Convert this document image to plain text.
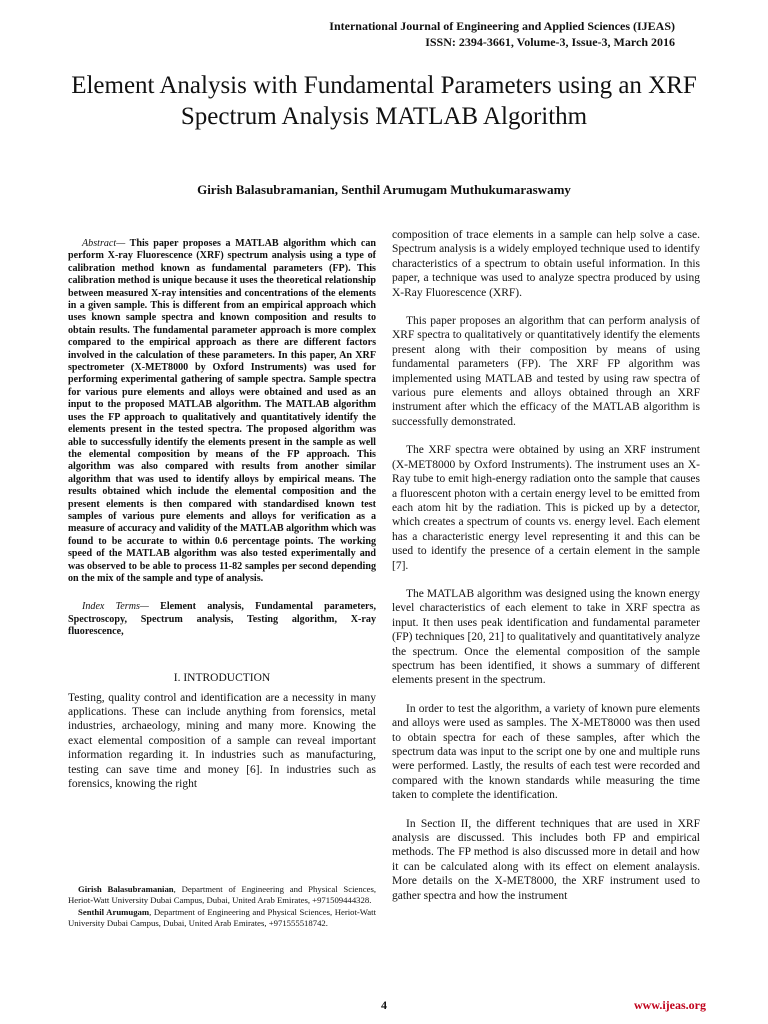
International Journal of Engineering and Applied Sciences (IJEAS)
ISSN: 2394-3661, Volume-3, Issue-3, March 2016
Element Analysis with Fundamental Parameters using an XRF Spectrum Analysis MATLAB Algorithm
Girish Balasubramanian, Senthil Arumugam Muthukumaraswamy

Abstract— This paper proposes a MATLAB algorithm which can perform X-ray Fluorescence (XRF) spectrum analysis using a type of calibration method known as fundamental parameters (FP). This calibration method is unique because it uses the theoretical relationship between measured X-ray intensities and concentrations of the elements in a given sample. This is different from an empirical approach which uses known sample spectra and known composition and results to obtain results. The fundamental parameter approach is more complex compared to the empirical approach as there are different factors involved in the calculation of these parameters. In this paper, An XRF spectrometer (X-MET8000 by Oxford Instruments) was used for performing experimental gathering of sample spectra. Sample spectra for various pure elements and alloys were obtained and used as an input to the proposed MATLAB algorithm. The MATLAB algorithm uses the FP approach to qualitatively and quantitatively identify the elements present in the tested spectra. The proposed algorithm was able to successfully identify the elements present in the sample as well the elemental composition by means of the FP approach. This algorithm was also compared with results from another similar algorithm that was used to identify alloys by empirical means. The results obtained which include the elemental composition and the present elements is then compared with standardised known test samples of various pure elements and alloys for verification as a measure of accuracy and validity of the MATLAB algorithm which was found to be accurate to within 0.6 percentage points. The working speed of the MATLAB algorithm was also tested experimentally and was observed to be able to process 11-82 samples per second depending on the mix of the sample and type of analysis.

Index Terms— Element analysis, Fundamental parameters, Spectroscopy, Spectrum analysis, Testing algorithm, X-ray fluorescence,

I. INTRODUCTION

Testing, quality control and identification are a necessity in many applications. These can include anything from forensics, metal industries, archaeology, mining and many more. Knowing the exact elemental composition of a sample can reveal important information regarding it. In industries such as manufacturing, testing can save time and money [6]. In industries such as forensics, knowing the right

Girish Balasubramanian, Department of Engineering and Physical Sciences, Heriot-Watt University Dubai Campus, Dubai, United Arab Emirates, +971509444328.

Senthil Arumugam, Department of Engineering and Physical Sciences, Heriot-Watt University Dubai Campus, Dubai, United Arab Emirates, +971555518742.

composition of trace elements in a sample can help solve a case. Spectrum analysis is a widely employed technique used to identify characteristics of a spectrum to obtain useful information. In this paper, a technique was used to analyze spectra produced by using X-Ray Fluorescence (XRF).

This paper proposes an algorithm that can perform analysis of XRF spectra to qualitatively or quantitatively identify the elements present along with their composition by means of using fundamental parameters (FP). The XRF FP algorithm was implemented using MATLAB and tested by using raw spectra of various pure elements and alloys obtained through an XRF instrument after which the efficacy of the MATLAB algorithm is successfully demonstrated.

The XRF spectra were obtained by using an XRF instrument (X-MET8000 by Oxford Instruments). The instrument uses an X-Ray tube to emit high-energy radiation onto the sample that causes a fluorescent photon with a certain energy level to be emitted from each atom hit by the radiation. This is picked up by a detector, which creates a spectrum of counts vs. energy level. Each element has a characteristic energy level representing it and this can be used to identify the presence of a certain element in the sample [7].

The MATLAB algorithm was designed using the known energy level characteristics of each element to take in XRF spectra as input. It then uses peak identification and fundamental parameter (FP) techniques [20, 21] to qualitatively and quantitatively analyze the spectrum. Once the elemental composition of the sample spectrum has been identified, it shows a summary of different elements present in the spectrum.

In order to test the algorithm, a variety of known pure elements and alloys were used as samples. The X-MET8000 was then used to obtain spectra for each of these samples, after which the spectrum data was input to the script one by one and multiple runs were performed. Lastly, the results of each test were recorded and compared with the known standards while measuring the time taken to complete the identification.

In Section II, the different techniques that are used in XRF analysis are discussed. This includes both FP and empirical methods. The FP method is also discussed more in detail and how it can be calculated along with its effect on element analaysis. More details on the X-MET8000, the XRF instrument used to gather spectra and how the instrument

4	www.ijeas.org
